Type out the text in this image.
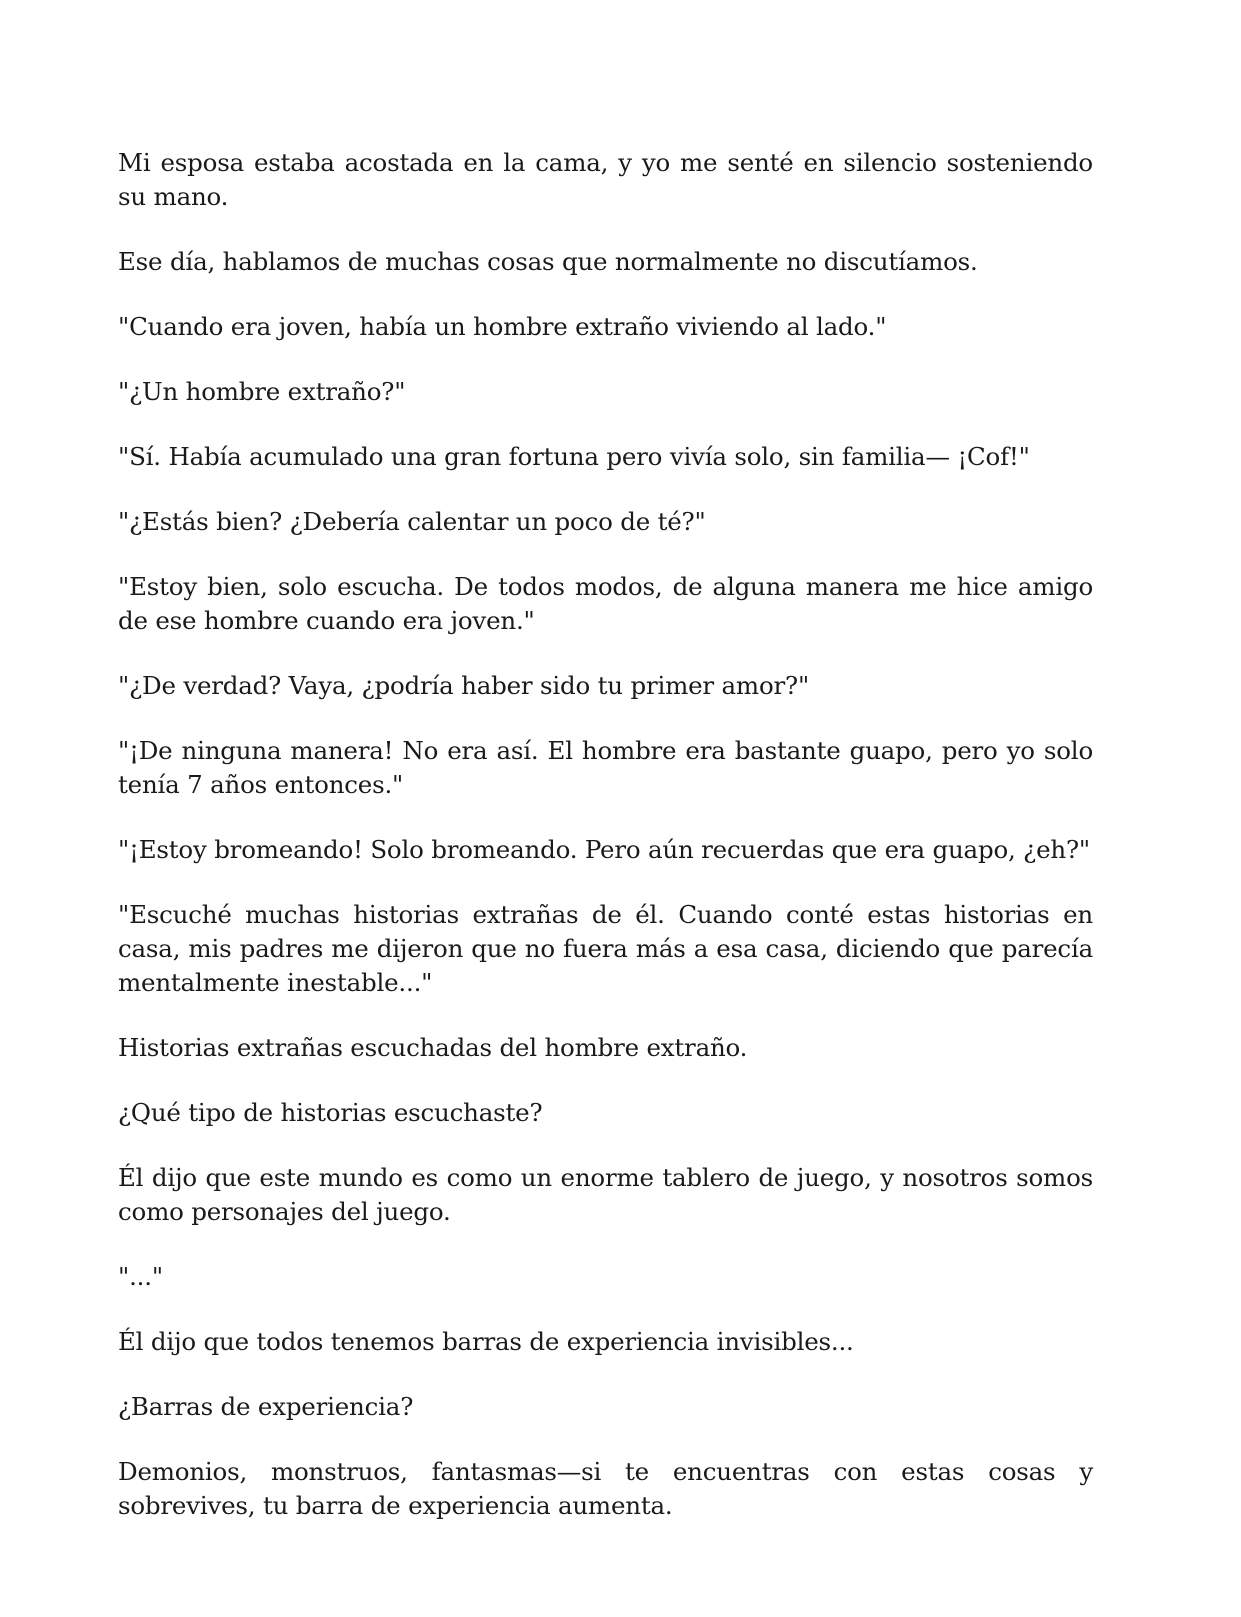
Mi esposa estaba acostada en la cama, y yo me senté en silencio sosteniendo su mano.

Ese día, hablamos de muchas cosas que normalmente no discutíamos.

"Cuando era joven, había un hombre extraño viviendo al lado."

"¿Un hombre extraño?"

"Sí. Había acumulado una gran fortuna pero vivía solo, sin familia— ¡Cof!"

"¿Estás bien? ¿Debería calentar un poco de té?"

"Estoy bien, solo escucha. De todos modos, de alguna manera me hice amigo de ese hombre cuando era joven."

"¿De verdad? Vaya, ¿podría haber sido tu primer amor?"

"¡De ninguna manera! No era así. El hombre era bastante guapo, pero yo solo tenía 7 años entonces."

"¡Estoy bromeando! Solo bromeando. Pero aún recuerdas que era guapo, ¿eh?"

"Escuché muchas historias extrañas de él. Cuando conté estas historias en casa, mis padres me dijeron que no fuera más a esa casa, diciendo que parecía mentalmente inestable..."

Historias extrañas escuchadas del hombre extraño.

¿Qué tipo de historias escuchaste?

Él dijo que este mundo es como un enorme tablero de juego, y nosotros somos como personajes del juego.

"..."

Él dijo que todos tenemos barras de experiencia invisibles...

¿Barras de experiencia?

Demonios, monstruos, fantasmas—si te encuentras con estas cosas y sobrevives, tu barra de experiencia aumenta.
